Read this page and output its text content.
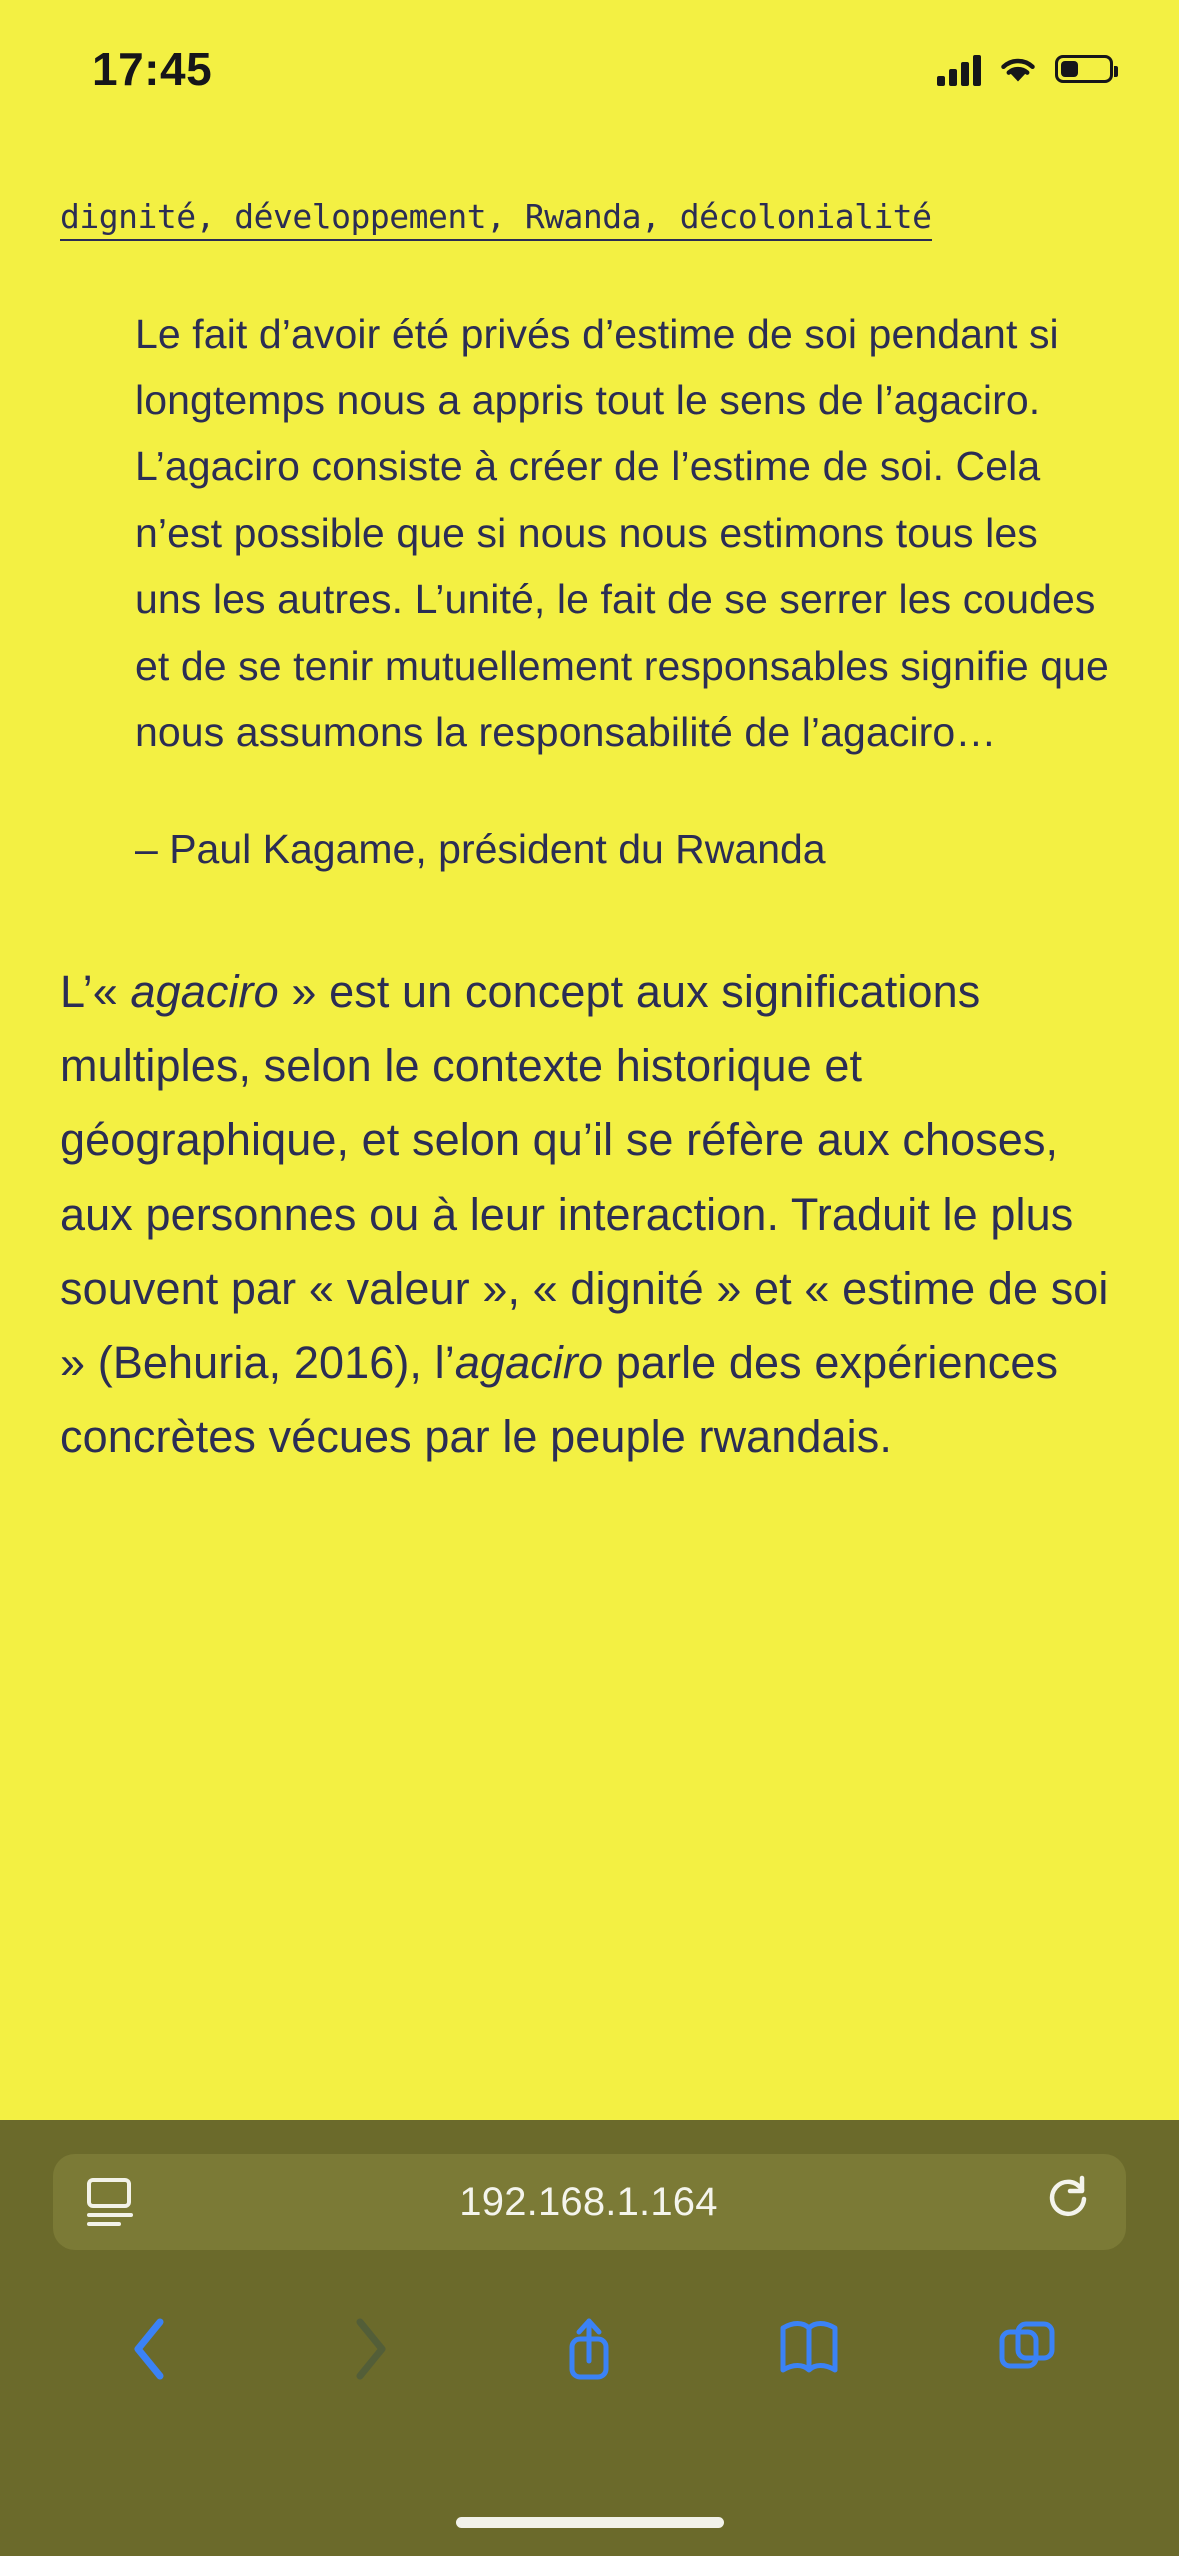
17:45
dignité, développement, Rwanda, décolonialité
Le fait d’avoir été privés d’estime de soi pendant si longtemps nous a appris tout le sens de l’agaciro. L’agaciro consiste à créer de l’estime de soi. Cela n’est possible que si nous nous estimons tous les uns les autres. L’unité, le fait de se serrer les coudes et de se tenir mutuellement responsables signifie que nous assumons la responsabilité de l’agaciro…
– Paul Kagame, président du Rwanda
L’« agaciro » est un concept aux significations multiples, selon le contexte historique et géographique, et selon qu’il se réfère aux choses, aux personnes ou à leur interaction. Traduit le plus souvent par « valeur », « dignité » et « estime de soi » (Behuria, 2016), l’agaciro parle des expériences concrètes vécues par le peuple rwandais.
192.168.1.164
